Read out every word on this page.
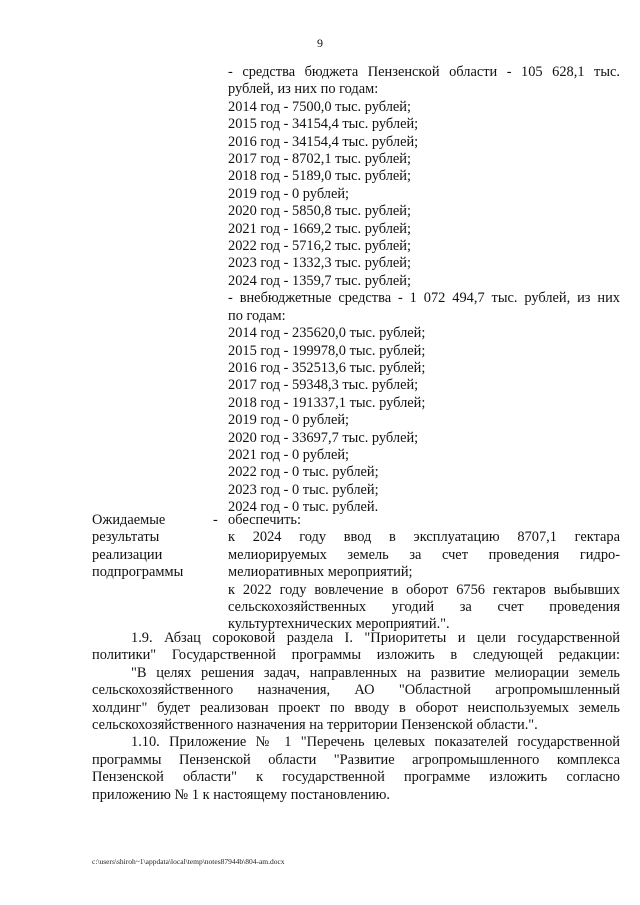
9
- средства бюджета Пензенской области - 105 628,1 тыс.
рублей, из них по годам:
2014 год - 7500,0 тыс. рублей;
2015 год - 34154,4 тыс. рублей;
2016 год - 34154,4 тыс. рублей;
2017 год - 8702,1 тыс. рублей;
2018 год - 5189,0 тыс. рублей;
2019 год - 0 рублей;
2020 год - 5850,8 тыс. рублей;
2021 год - 1669,2 тыс. рублей;
2022 год - 5716,2 тыс. рублей;
2023 год - 1332,3 тыс. рублей;
2024 год - 1359,7 тыс. рублей;
- внебюджетные средства - 1 072 494,7 тыс. рублей, из них
по годам:
2014 год - 235620,0 тыс. рублей;
2015 год - 199978,0 тыс. рублей;
2016 год - 352513,6 тыс. рублей;
2017 год - 59348,3 тыс. рублей;
2018 год - 191337,1 тыс. рублей;
2019 год - 0 рублей;
2020 год - 33697,7 тыс. рублей;
2021 год - 0 рублей;
2022 год - 0 тыс. рублей;
2023 год - 0 тыс. рублей;
2024 год - 0 тыс. рублей.
Ожидаемые
результаты
реализации
подпрограммы
- обеспечить:
к 2024 году ввод в эксплуатацию 8707,1 гектара
мелиорируемых земель за счет проведения гидро-
мелиоративных мероприятий;
к 2022 году вовлечение в оборот 6756 гектаров выбывших
сельскохозяйственных угодий за счет проведения
культуртехнических мероприятий.".
1.9. Абзац сороковой раздела I. "Приоритеты и цели государственной
политики" Государственной программы изложить в следующей редакции:
"В целях решения задач, направленных на развитие мелиорации земель
сельскохозяйственного назначения, АО "Областной агропромышленный
холдинг" будет реализован проект по вводу в оборот неиспользуемых земель
сельскохозяйственного назначения на территории Пензенской области.".
1.10. Приложение № 1 "Перечень целевых показателей государственной
программы Пензенской области "Развитие агропромышленного комплекса
Пензенской области" к государственной программе изложить согласно
приложению № 1 к настоящему постановлению.
c:\users\shiroh~1\appdata\local\temp\notes87944b\804-am.docx
